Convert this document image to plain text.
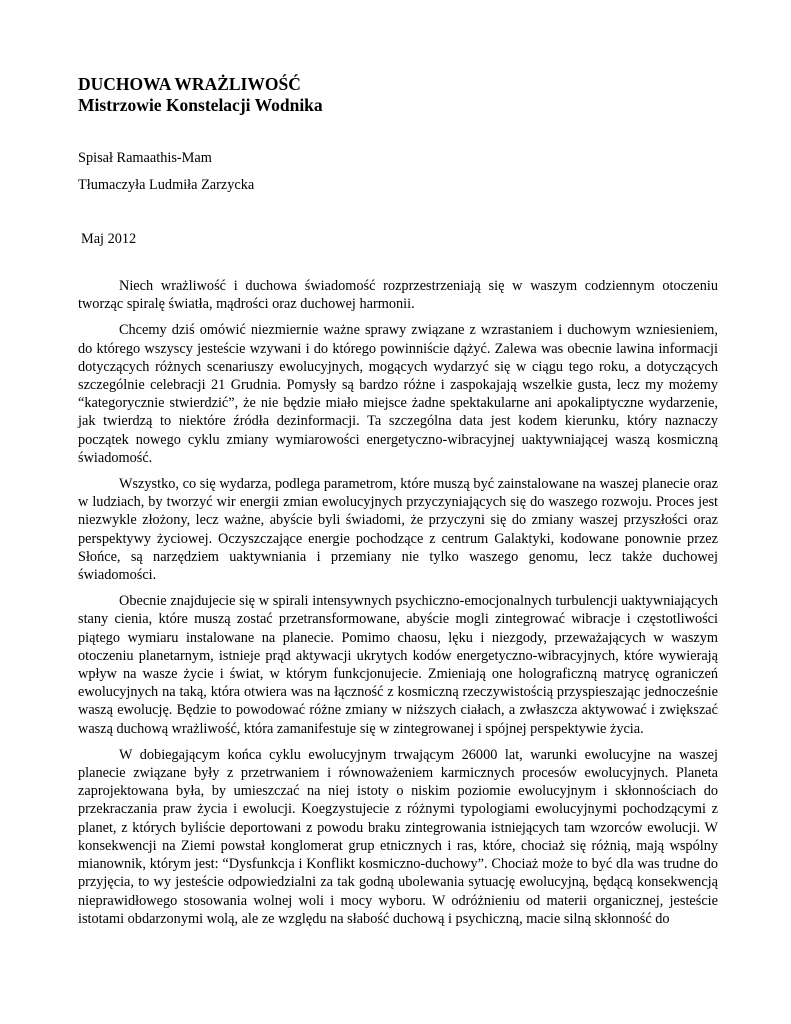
DUCHOWA WRAŻLIWOŚĆ
Mistrzowie Konstelacji Wodnika

Spisał Ramaathis-Mam

Tłumaczyła Ludmiła Zarzycka

Maj 2012

Niech wrażliwość i duchowa świadomość rozprzestrzeniają się w waszym codziennym otoczeniu tworząc spiralę światła, mądrości oraz duchowej harmonii.

Chcemy dziś omówić niezmiernie ważne sprawy związane z wzrastaniem i duchowym wzniesieniem, do którego wszyscy jesteście wzywani i do którego powinniście dążyć. Zalewa was obecnie lawina informacji dotyczących różnych scenariuszy ewolucyjnych, mogących wydarzyć się w ciągu tego roku, a dotyczących szczególnie celebracji 21 Grudnia. Pomysły są bardzo różne i zaspokajają wszelkie gusta, lecz my możemy “kategorycznie stwierdzić”, że nie będzie miało miejsce żadne spektakularne ani apokaliptyczne wydarzenie, jak twierdzą to niektóre źródła dezinformacji. Ta szczególna data jest kodem kierunku, który naznaczy początek nowego cyklu zmiany wymiarowości energetyczno-wibracyjnej uaktywniającej waszą kosmiczną świadomość.

Wszystko, co się wydarza, podlega parametrom, które muszą być zainstalowane na waszej planecie oraz w ludziach, by tworzyć wir energii zmian ewolucyjnych przyczyniających się do waszego rozwoju. Proces jest niezwykle złożony, lecz ważne, abyście byli świadomi, że przyczyni się do zmiany waszej przyszłości oraz perspektywy życiowej. Oczyszczające energie pochodzące z centrum Galaktyki, kodowane ponownie przez Słońce, są narzędziem uaktywniania i przemiany nie tylko waszego genomu, lecz także duchowej świadomości.

Obecnie znajdujecie się w spirali intensywnych psychiczno-emocjonalnych turbulencji uaktywniających stany cienia, które muszą zostać przetransformowane, abyście mogli zintegrować wibracje i częstotliwości piątego wymiaru instalowane na planecie. Pomimo chaosu, lęku i niezgody, przeważających w waszym otoczeniu planetarnym, istnieje prąd aktywacji ukrytych kodów energetyczno-wibracyjnych, które wywierają wpływ na wasze życie i świat, w którym funkcjonujecie. Zmieniają one holograficzną matrycę ograniczeń ewolucyjnych na taką, która otwiera was na łączność z kosmiczną rzeczywistością przyspieszając jednocześnie waszą ewolucję. Będzie to powodować różne zmiany w niższych ciałach, a zwłaszcza aktywować i zwiększać waszą duchową wrażliwość, która zamanifestuje się w zintegrowanej i spójnej perspektywie życia.

W dobiegającym końca cyklu ewolucyjnym trwającym 26000 lat, warunki ewolucyjne na waszej planecie związane były z przetrwaniem i równoważeniem karmicznych procesów ewolucyjnych. Planeta zaprojektowana była, by umieszczać na niej istoty o niskim poziomie ewolucyjnym i skłonnościach do przekraczania praw życia i ewolucji. Koegzystujecie z różnymi typologiami ewolucyjnymi pochodzącymi z planet, z których byliście deportowani z powodu braku zintegrowania istniejących tam wzorców ewolucji. W konsekwencji na Ziemi powstał konglomerat grup etnicznych i ras, które, chociaż się różnią, mają wspólny mianownik, którym jest: “Dysfunkcja i Konflikt kosmiczno-duchowy”. Chociaż może to być dla was trudne do przyjęcia, to wy jesteście odpowiedzialni za tak godną ubolewania sytuację ewolucyjną, będącą konsekwencją nieprawidłowego stosowania wolnej woli i mocy wyboru. W odróżnieniu od materii organicznej, jesteście istotami obdarzonymi wolą, ale ze względu na słabość duchową i psychiczną, macie silną skłonność do
